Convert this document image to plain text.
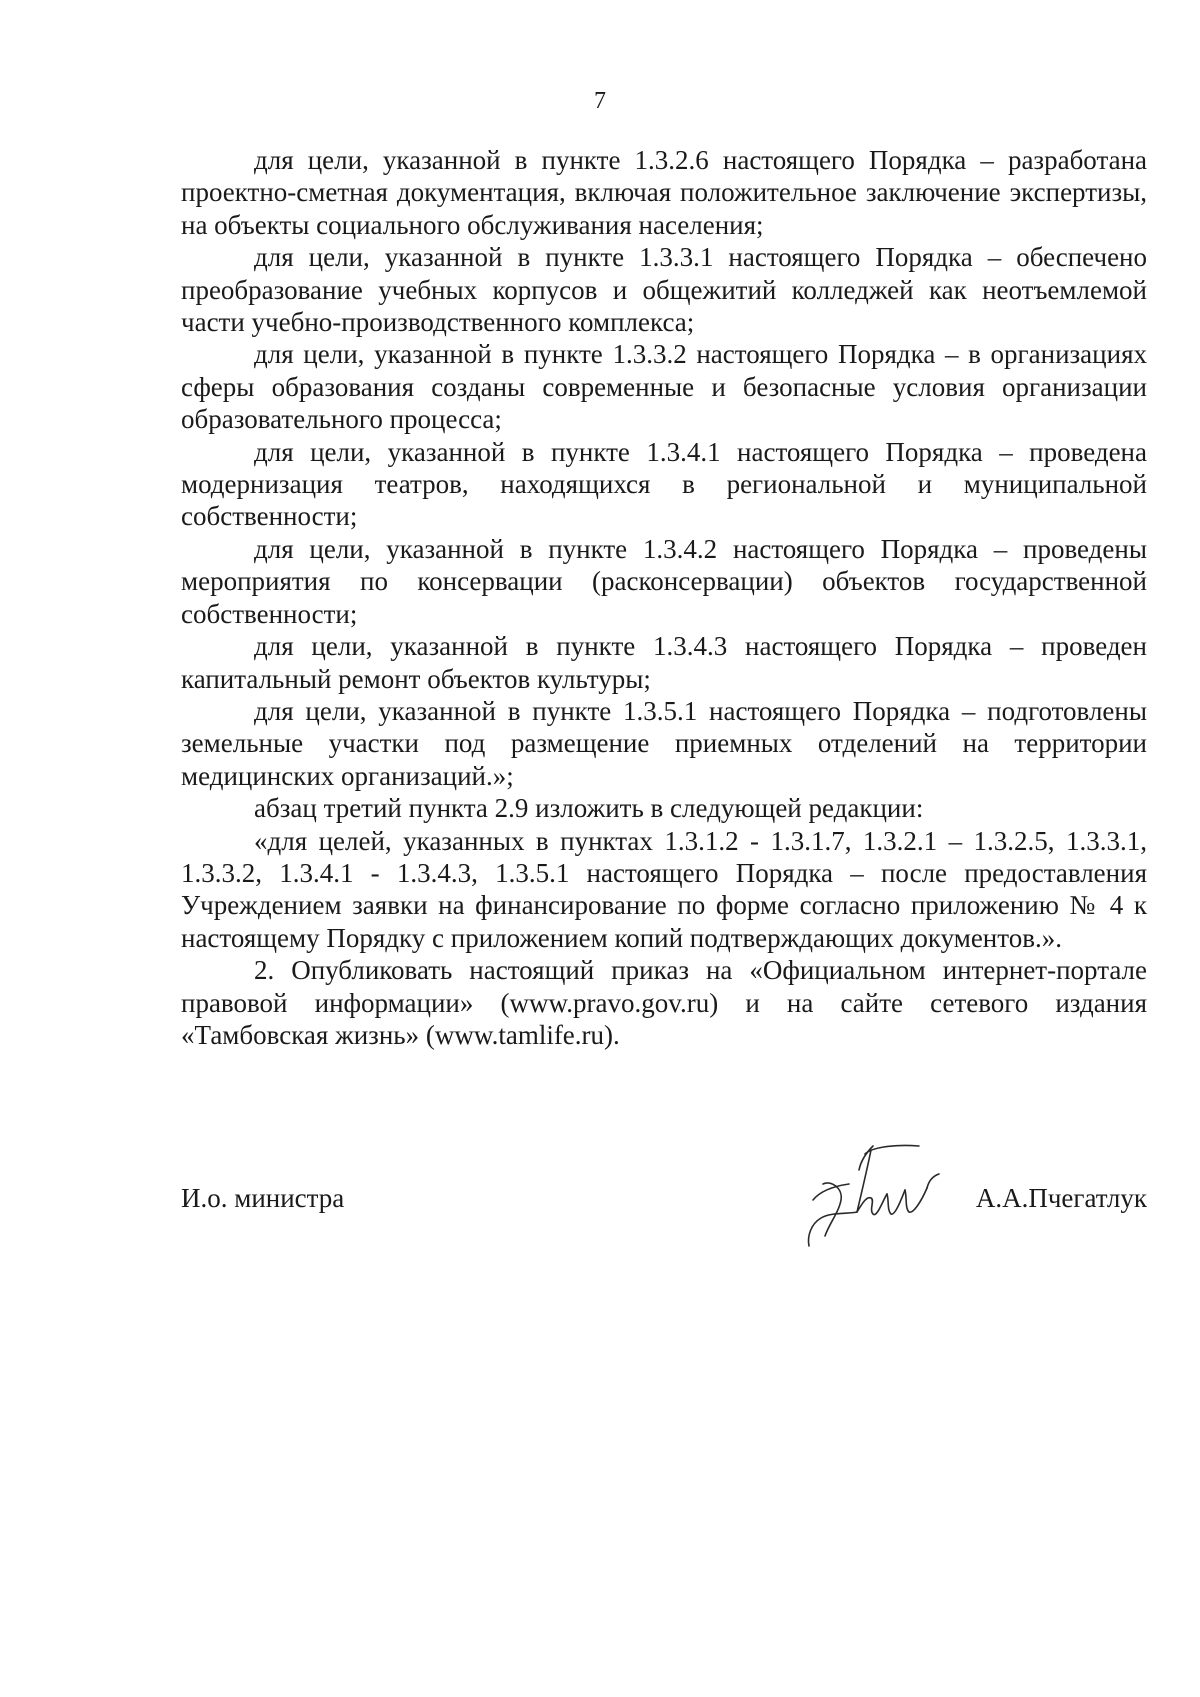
7

для цели, указанной в пункте 1.3.2.6 настоящего Порядка – разработана проектно-сметная документация, включая положительное заключение экспертизы, на объекты социального обслуживания населения;

для цели, указанной в пункте 1.3.3.1 настоящего Порядка – обеспечено преобразование учебных корпусов и общежитий колледжей как неотъемлемой части учебно-производственного комплекса;

для цели, указанной в пункте 1.3.3.2 настоящего Порядка – в организациях сферы образования созданы современные и безопасные условия организации образовательного процесса;

для цели, указанной в пункте 1.3.4.1 настоящего Порядка – проведена модернизация театров, находящихся в региональной и муниципальной собственности;

для цели, указанной в пункте 1.3.4.2 настоящего Порядка – проведены мероприятия по консервации (расконсервации) объектов государственной собственности;

для цели, указанной в пункте 1.3.4.3 настоящего Порядка – проведен капитальный ремонт объектов культуры;

для цели, указанной в пункте 1.3.5.1 настоящего Порядка – подготовлены земельные участки под размещение приемных отделений на территории медицинских организаций.»;

абзац третий пункта 2.9 изложить в следующей редакции:

«для целей, указанных в пунктах 1.3.1.2 - 1.3.1.7, 1.3.2.1 – 1.3.2.5, 1.3.3.1, 1.3.3.2, 1.3.4.1 - 1.3.4.3, 1.3.5.1 настоящего Порядка – после предоставления Учреждением заявки на финансирование по форме согласно приложению № 4 к настоящему Порядку с приложением копий подтверждающих документов.».

2. Опубликовать настоящий приказ на «Официальном интернет-портале правовой информации» (www.pravo.gov.ru) и на сайте сетевого издания «Тамбовская жизнь» (www.tamlife.ru).

И.о. министра	А.А.Пчегатлук
